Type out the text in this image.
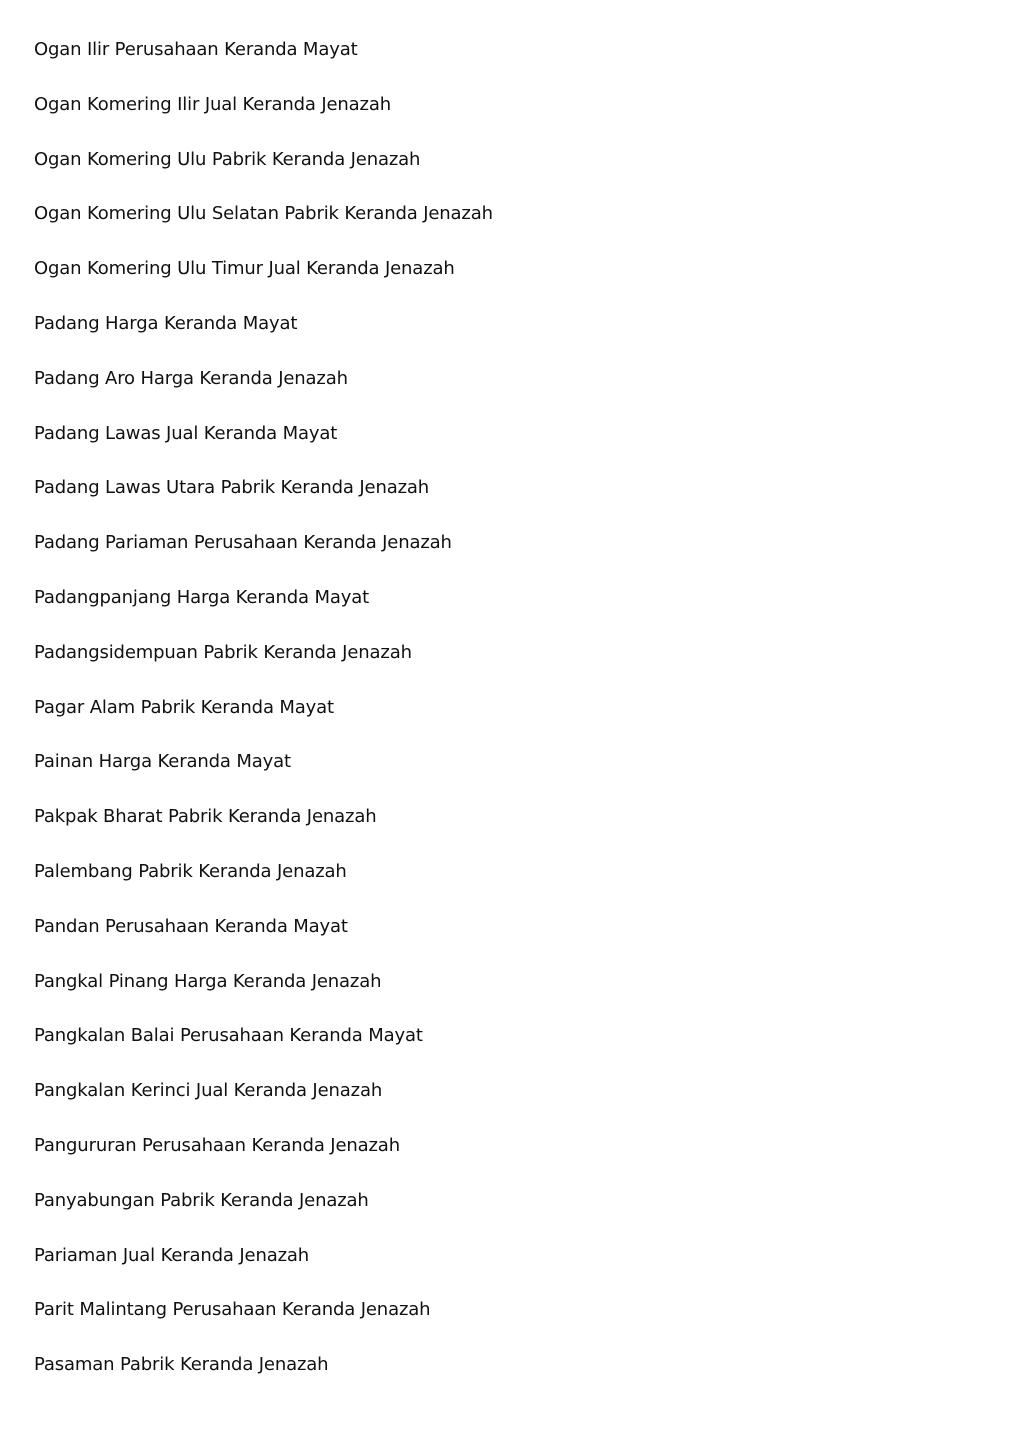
Ogan Ilir Perusahaan Keranda Mayat
Ogan Komering Ilir Jual Keranda Jenazah
Ogan Komering Ulu Pabrik Keranda Jenazah
Ogan Komering Ulu Selatan Pabrik Keranda Jenazah
Ogan Komering Ulu Timur Jual Keranda Jenazah
Padang Harga Keranda Mayat
Padang Aro Harga Keranda Jenazah
Padang Lawas Jual Keranda Mayat
Padang Lawas Utara Pabrik Keranda Jenazah
Padang Pariaman Perusahaan Keranda Jenazah
Padangpanjang Harga Keranda Mayat
Padangsidempuan Pabrik Keranda Jenazah
Pagar Alam Pabrik Keranda Mayat
Painan Harga Keranda Mayat
Pakpak Bharat Pabrik Keranda Jenazah
Palembang Pabrik Keranda Jenazah
Pandan Perusahaan Keranda Mayat
Pangkal Pinang Harga Keranda Jenazah
Pangkalan Balai Perusahaan Keranda Mayat
Pangkalan Kerinci Jual Keranda Jenazah
Pangururan Perusahaan Keranda Jenazah
Panyabungan Pabrik Keranda Jenazah
Pariaman Jual Keranda Jenazah
Parit Malintang Perusahaan Keranda Jenazah
Pasaman Pabrik Keranda Jenazah
